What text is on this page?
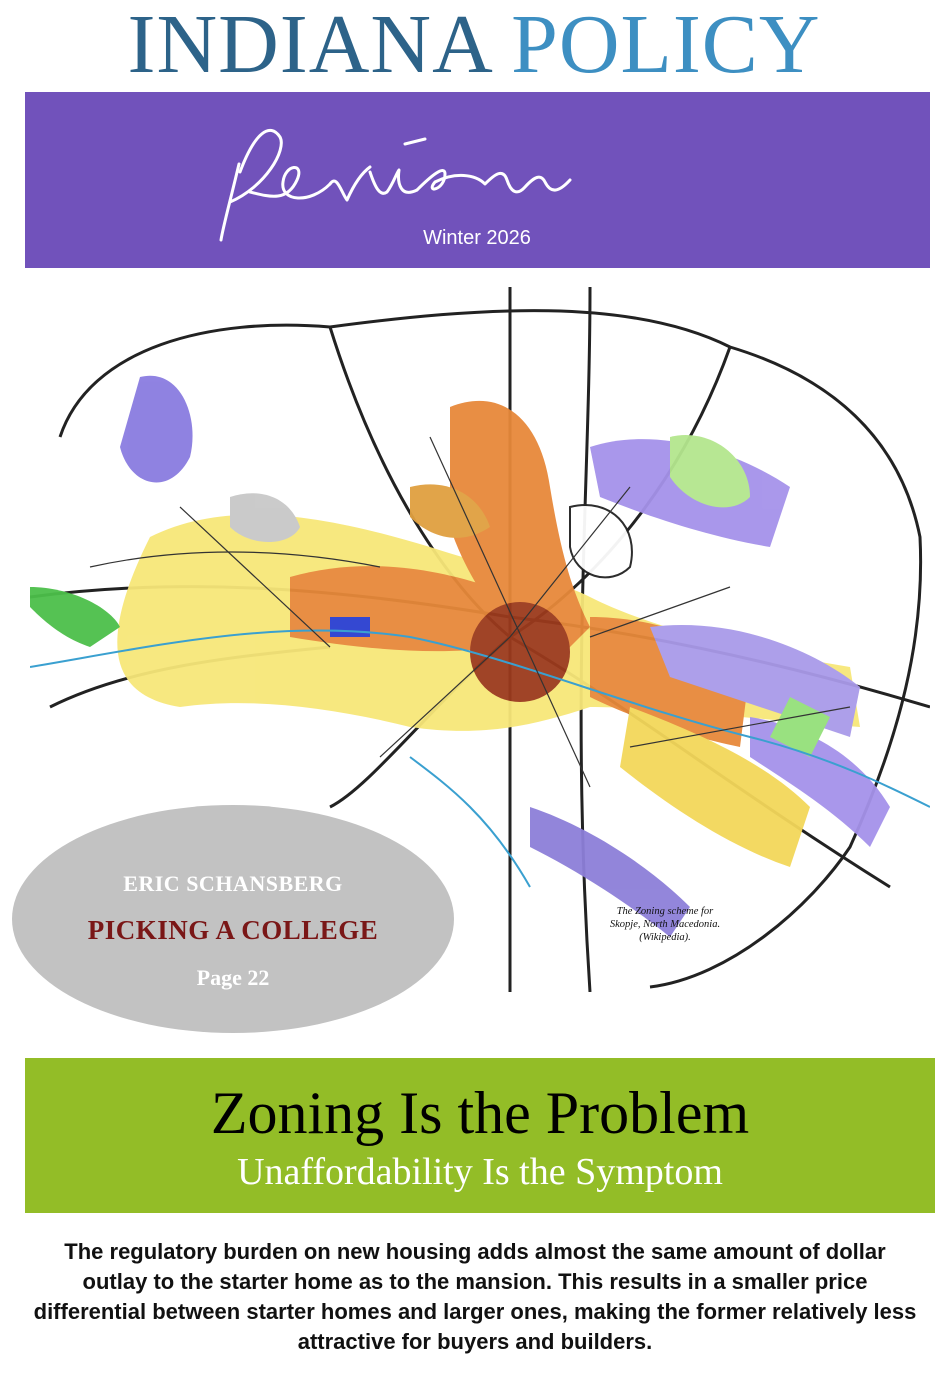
INDIANA POLICY
Winter 2026
The Zoning scheme for
Skopje, North Macedonia.
(Wikipedia).
ERIC SCHANSBERG
PICKING A COLLEGE
Page 22
Zoning Is the Problem
Unaffordability Is the Symptom
The regulatory burden on new housing adds almost the same amount of dollar outlay to the starter home as to the mansion. This results in a smaller price differential between starter homes and larger ones, making the former relatively less attractive for buyers and builders.
